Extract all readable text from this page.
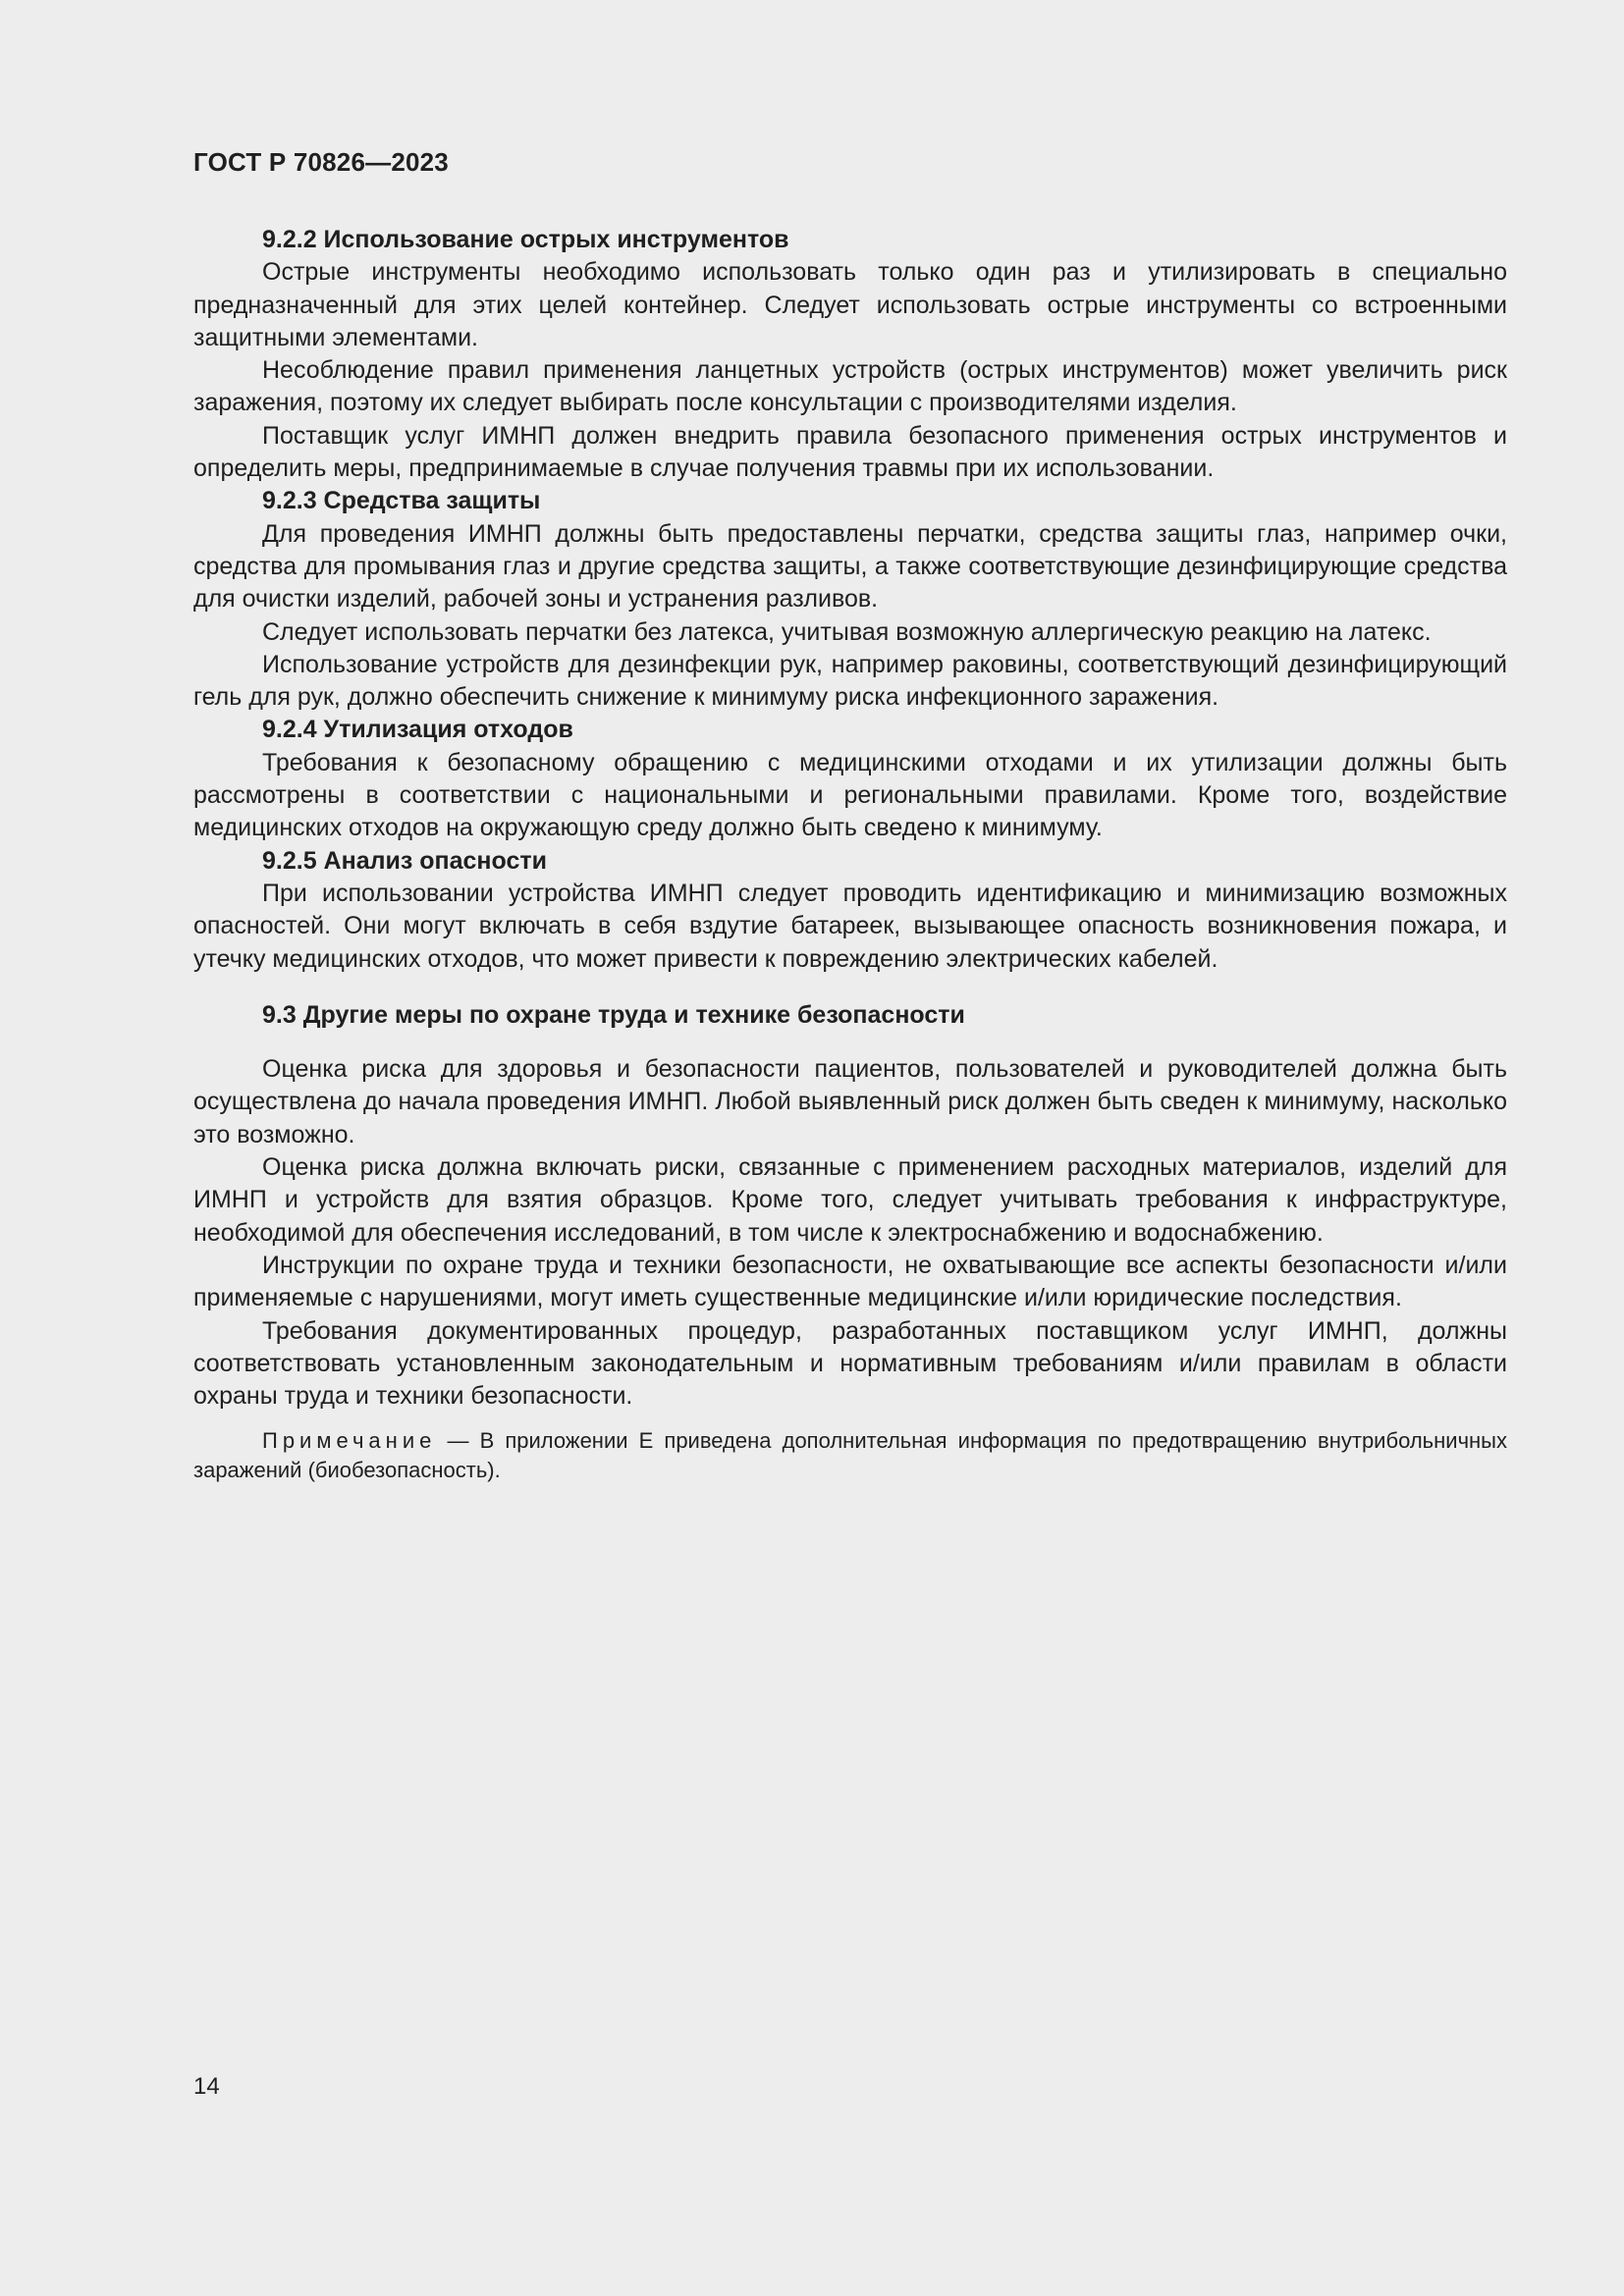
ГОСТ Р 70826—2023
9.2.2 Использование острых инструментов

Острые инструменты необходимо использовать только один раз и утилизировать в специально предназначенный для этих целей контейнер. Следует использовать острые инструменты со встроенными защитными элементами.

Несоблюдение правил применения ланцетных устройств (острых инструментов) может увеличить риск заражения, поэтому их следует выбирать после консультации с производителями изделия.

Поставщик услуг ИМНП должен внедрить правила безопасного применения острых инструментов и определить меры, предпринимаемые в случае получения травмы при их использовании.

9.2.3 Средства защиты

Для проведения ИМНП должны быть предоставлены перчатки, средства защиты глаз, например очки, средства для промывания глаз и другие средства защиты, а также соответствующие дезинфицирующие средства для очистки изделий, рабочей зоны и устранения разливов.

Следует использовать перчатки без латекса, учитывая возможную аллергическую реакцию на латекс.

Использование устройств для дезинфекции рук, например раковины, соответствующий дезинфицирующий гель для рук, должно обеспечить снижение к минимуму риска инфекционного заражения.

9.2.4 Утилизация отходов

Требования к безопасному обращению с медицинскими отходами и их утилизации должны быть рассмотрены в соответствии с национальными и региональными правилами. Кроме того, воздействие медицинских отходов на окружающую среду должно быть сведено к минимуму.

9.2.5 Анализ опасности

При использовании устройства ИМНП следует проводить идентификацию и минимизацию возможных опасностей. Они могут включать в себя вздутие батареек, вызывающее опасность возникновения пожара, и утечку медицинских отходов, что может привести к повреждению электрических кабелей.

9.3 Другие меры по охране труда и технике безопасности

Оценка риска для здоровья и безопасности пациентов, пользователей и руководителей должна быть осуществлена до начала проведения ИМНП. Любой выявленный риск должен быть сведен к минимуму, насколько это возможно.

Оценка риска должна включать риски, связанные с применением расходных материалов, изделий для ИМНП и устройств для взятия образцов. Кроме того, следует учитывать требования к инфраструктуре, необходимой для обеспечения исследований, в том числе к электроснабжению и водоснабжению.

Инструкции по охране труда и техники безопасности, не охватывающие все аспекты безопасности и/или применяемые с нарушениями, могут иметь существенные медицинские и/или юридические последствия.

Требования документированных процедур, разработанных поставщиком услуг ИМНП, должны соответствовать установленным законодательным и нормативным требованиям и/или правилам в области охраны труда и техники безопасности.

Примечание — В приложении Е приведена дополнительная информация по предотвращению внутрибольничных заражений (биобезопасность).

14
